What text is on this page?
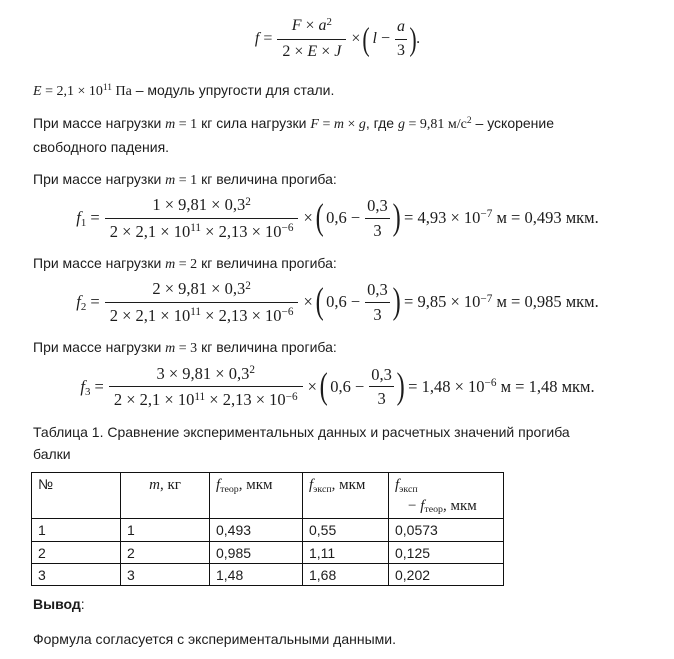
$f = \frac{F \times a^2}{2 \times E \times J}$ × ( $l - \frac{a}{3}$ ) .

$E = 2,1 \times 10^{11}$ Па – модуль упругости для стали.

При массе нагрузки m = 1 кг сила нагрузки F = m × g, где g = 9,81 $м/с^2$ – ускорение
свободного падения.

При массе нагрузки m = 1 кг величина прогиба:

$f1 = \frac{1 \times 9,81 \times 0,3^2}{2 \times 2,1 \times 10^{11} \times 2,13 \times 10^{-6}}$ × ( $0,6 - \frac{0,3}{3}$ ) = $4,93 \times 10^{-7}$ м = 0,493 мкм.

При массе нагрузки m = 2 кг величина прогиба:

$f2 = \frac{2 \times 9,81 \times 0,3^2}{2 \times 2,1 \times 10^{11} \times 2,13 \times 10^{-6}}$ × ( $0,6 - \frac{0,3}{3}$ ) = $9,85 \times 10^{-7}$ м = 0,985 мкм.

При массе нагрузки m = 3 кг величина прогиба:

$f3 = \frac{3 \times 9,81 \times 0,3^2}{2 \times 2,1 \times 10^{11} \times 2,13 \times 10^{-6}}$ × ( $0,6 - \frac{0,3}{3}$ ) = $1,48 \times 10^{-6}$ м = 1,48 мкм.

Таблица 1. Сравнение экспериментальных данных и расчетных значений прогиба
балки

№	m, кг	fтеор, мкм	fэксп, мкм	fэксп
− fтеор, мкм

1	1	0,493	0,55	0,0573
2	2	0,985	1,11	0,125
3	3	1,48	1,68	0,202

Вывод:

Формула согласуется с экспериментальными данными.
